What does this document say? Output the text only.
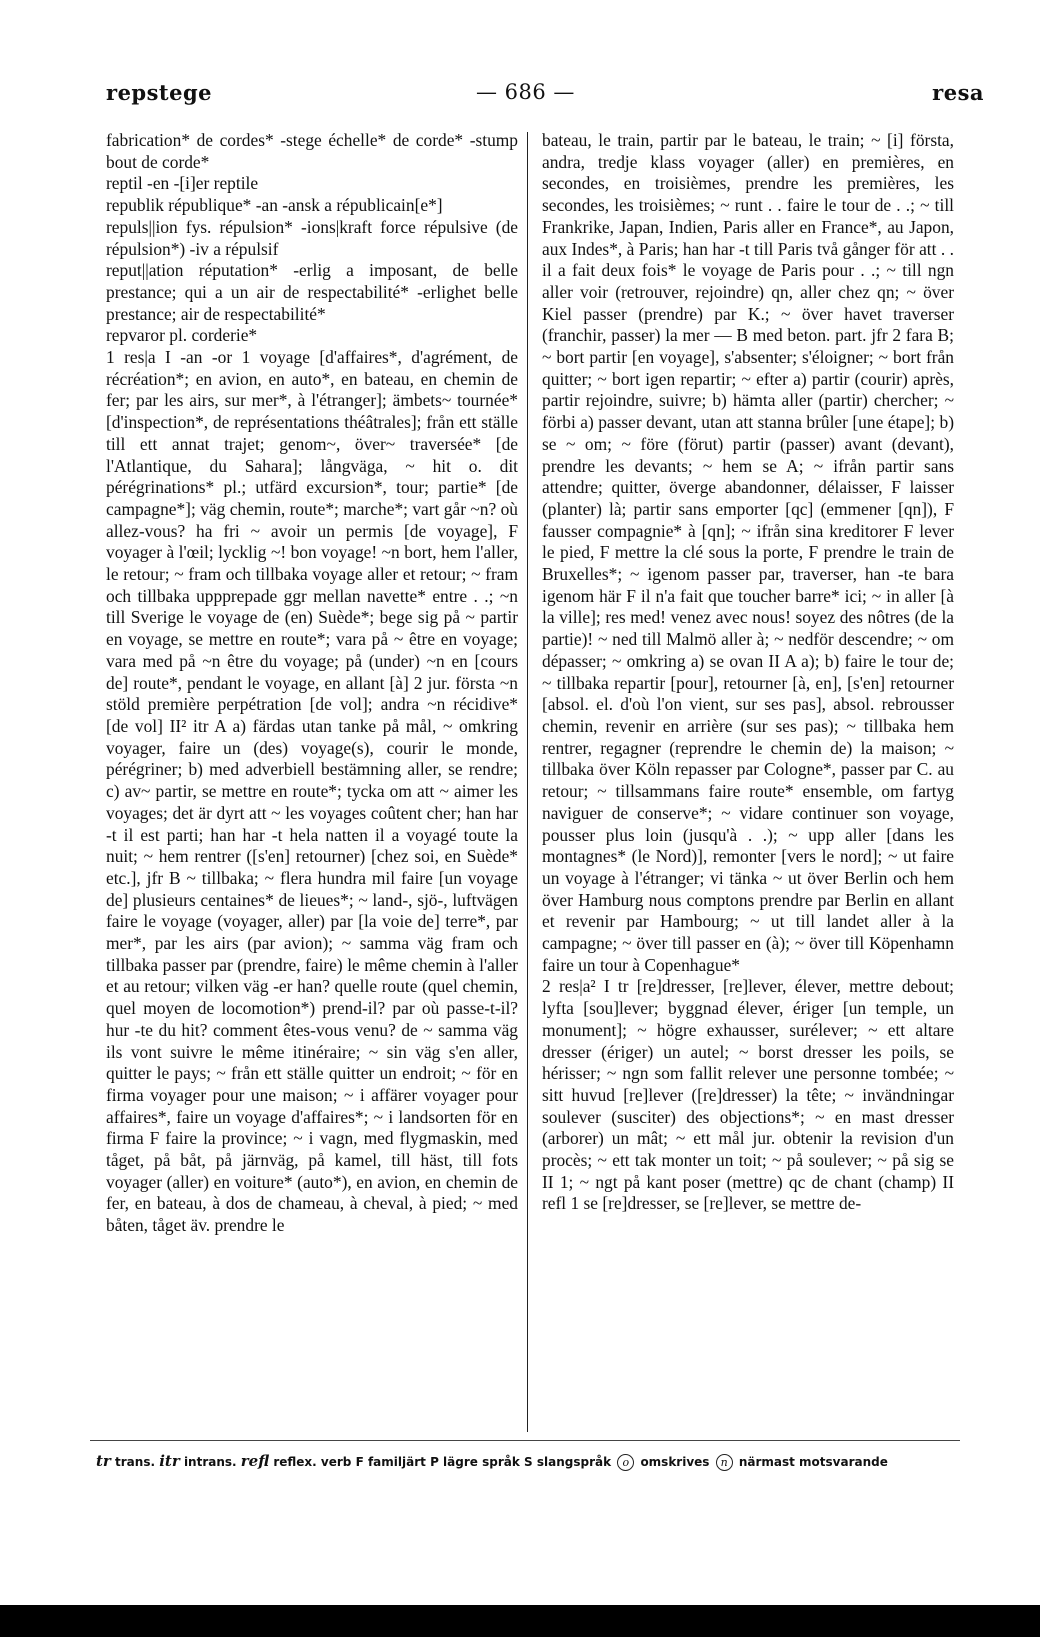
repstege	— 686 —	resa

fabrication* de cordes* -stege échelle* de corde* -stump bout de corde*

reptil -en -[i]er reptile

republik république* -an -ansk a républicain[e*]

repuls||ion fys. répulsion* -ions|kraft force répulsive (de répulsion*) -iv a répulsif

reput||ation réputation* -erlig a imposant, de belle prestance; qui a un air de respectabilité* -erlighet belle prestance; air de respectabilité*

repvaror pl. corderie*

1 res|a I -an -or 1 voyage [d'affaires*, d'agrément, de récréation*; en avion, en auto*, en bateau, en chemin de fer; par les airs, sur mer*, à l'étranger]; ämbets~ tournée* [d'inspection*, de représentations théâtrales]; från ett ställe till ett annat trajet; genom~, över~ traversée* [de l'Atlantique, du Sahara]; långväga, ~ hit o. dit pérégrinations* pl.; utfärd excursion*, tour; partie* [de campagne*]; väg chemin, route*; marche*; vart går ~n? où allez-vous? ha fri ~ avoir un permis [de voyage], F voyager à l'œil; lycklig ~! bon voyage! ~n bort, hem l'aller, le retour; ~ fram och tillbaka voyage aller et retour; ~ fram och tillbaka uppprepade ggr mellan navette* entre . .; ~n till Sverige le voyage de (en) Suède*; bege sig på ~ partir en voyage, se mettre en route*; vara på ~ être en voyage; vara med på ~n être du voyage; på (under) ~n en [cours de] route*, pendant le voyage, en allant [à] 2 jur. första ~n stöld première perpétration [de vol]; andra ~n récidive* [de vol] II² itr A a) färdas utan tanke på mål, ~ omkring voyager, faire un (des) voyage(s), courir le monde, pérégriner; b) med adverbiell bestämning aller, se rendre; c) av~ partir, se mettre en route*; tycka om att ~ aimer les voyages; det är dyrt att ~ les voyages coûtent cher; han har -t il est parti; han har -t hela natten il a voyagé toute la nuit; ~ hem rentrer ([s'en] retourner) [chez soi, en Suède* etc.], jfr B ~ tillbaka; ~ flera hundra mil faire [un voyage de] plusieurs centaines* de lieues*; ~ land-, sjö-, luftvägen faire le voyage (voyager, aller) par [la voie de] terre*, par mer*, par les airs (par avion); ~ samma väg fram och tillbaka passer par (prendre, faire) le même chemin à l'aller et au retour; vilken väg -er han? quelle route (quel chemin, quel moyen de locomotion*) prend-il? par où passe-t-il? hur -te du hit? comment êtes-vous venu? de ~ samma väg ils vont suivre le même itinéraire; ~ sin väg s'en aller, quitter le pays; ~ från ett ställe quitter un endroit; ~ för en firma voyager pour une maison; ~ i affärer voyager pour affaires*, faire un voyage d'affaires*; ~ i landsorten för en firma F faire la province; ~ i vagn, med flygmaskin, med tåget, på båt, på järnväg, på kamel, till häst, till fots voyager (aller) en voiture* (auto*), en avion, en chemin de fer, en bateau, à dos de chameau, à cheval, à pied; ~ med båten, tåget äv. prendre le

bateau, le train, partir par le bateau, le train; ~ [i] första, andra, tredje klass voyager (aller) en premières, en secondes, en troisièmes, prendre les premières, les secondes, les troisièmes; ~ runt . . faire le tour de . .; ~ till Frankrike, Japan, Indien, Paris aller en France*, au Japon, aux Indes*, à Paris; han har -t till Paris två gånger för att . . il a fait deux fois* le voyage de Paris pour . .; ~ till ngn aller voir (retrouver, rejoindre) qn, aller chez qn; ~ över Kiel passer (prendre) par K.; ~ över havet traverser (franchir, passer) la mer — B med beton. part. jfr 2 fara B; ~ bort partir [en voyage], s'absenter; s'éloigner; ~ bort från quitter; ~ bort igen repartir; ~ efter a) partir (courir) après, partir rejoindre, suivre; b) hämta aller (partir) chercher; ~ förbi a) passer devant, utan att stanna brûler [une étape]; b) se ~ om; ~ före (förut) partir (passer) avant (devant), prendre les devants; ~ hem se A; ~ ifrån partir sans attendre; quitter, överge abandonner, délaisser, F laisser (planter) là; partir sans emporter [qc] (emmener [qn]), F fausser compagnie* à [qn]; ~ ifrån sina kreditorer F lever le pied, F mettre la clé sous la porte, F prendre le train de Bruxelles*; ~ igenom passer par, traverser, han -te bara igenom här F il n'a fait que toucher barre* ici; ~ in aller [à la ville]; res med! venez avec nous! soyez des nôtres (de la partie)! ~ ned till Malmö aller à; ~ nedför descendre; ~ om dépasser; ~ omkring a) se ovan II A a); b) faire le tour de; ~ tillbaka repartir [pour], retourner [à, en], [s'en] retourner [absol. el. d'où l'on vient, sur ses pas], absol. rebrousser chemin, revenir en arrière (sur ses pas); ~ tillbaka hem rentrer, regagner (reprendre le chemin de) la maison; ~ tillbaka över Köln repasser par Cologne*, passer par C. au retour; ~ tillsammans faire route* ensemble, om fartyg naviguer de conserve*; ~ vidare continuer son voyage, pousser plus loin (jusqu'à . .); ~ upp aller [dans les montagnes* (le Nord)], remonter [vers le nord]; ~ ut faire un voyage à l'étranger; vi tänka ~ ut över Berlin och hem över Hamburg nous comptons prendre par Berlin en allant et revenir par Hambourg; ~ ut till landet aller à la campagne; ~ över till passer en (à); ~ över till Köpenhamn faire un tour à Copenhague*

2 res|a² I tr [re]dresser, [re]lever, élever, mettre debout; lyfta [sou]lever; byggnad élever, ériger [un temple, un monument]; ~ högre exhausser, surélever; ~ ett altare dresser (ériger) un autel; ~ borst dresser les poils, se hérisser; ~ ngn som fallit relever une personne tombée; ~ sitt huvud [re]lever ([re]dresser) la tête; ~ invändningar soulever (susciter) des objections*; ~ en mast dresser (arborer) un mât; ~ ett mål jur. obtenir la revision d'un procès; ~ ett tak monter un toit; ~ på soulever; ~ på sig se II 1; ~ ngt på kant poser (mettre) qc de chant (champ) II refl 1 se [re]dresser, se [re]lever, se mettre de-

tr trans. itr intrans. refl reflex. verb F familjärt P lägre språk S slangspråk o omskrives n närmast motsvarande
